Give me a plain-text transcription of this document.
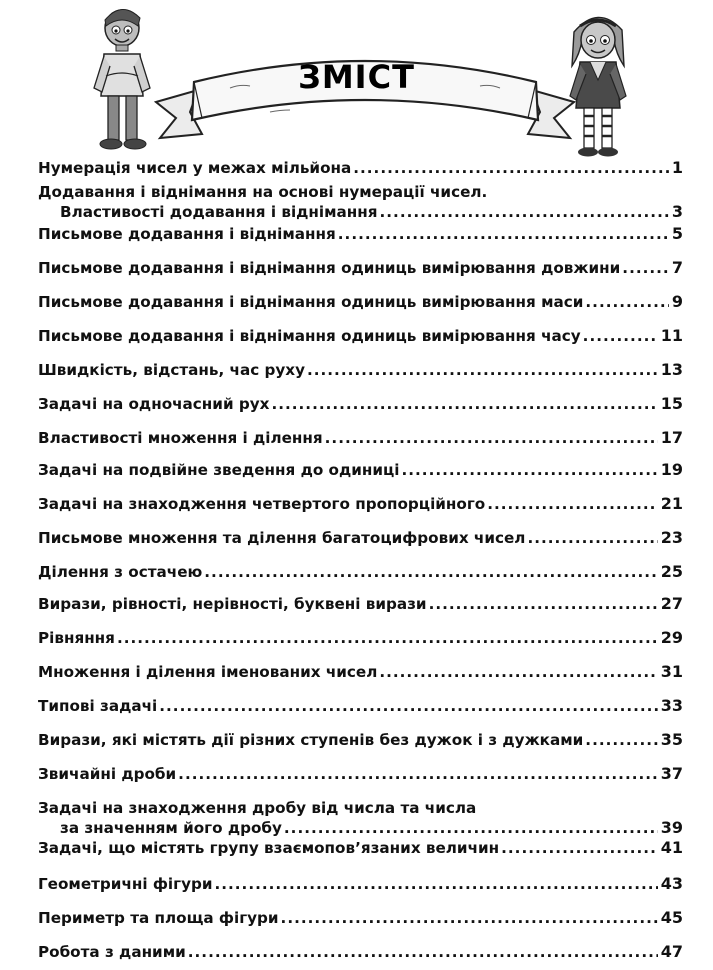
ЗМІСТ
Нумерація чисел у межах мільйона .....	1
Додавання і віднімання на основі нумерації чисел.
Властивості додавання і віднімання .....	3
Письмове додавання і віднімання .....	5
Письмове додавання і віднімання одиниць вимірювання довжини .....	7
Письмове додавання і віднімання одиниць вимірювання маси .....	9
Письмове додавання і віднімання одиниць вимірювання часу .....	11
Швидкість, відстань, час руху .....	13
Задачі на одночасний рух .....	15
Властивості множення і ділення .....	17
Задачі на подвійне зведення до одиниці .....	19
Задачі на знаходження четвертого пропорційного .....	21
Письмове множення та ділення багатоцифрових чисел .....	23
Ділення з остачею .....	25
Вирази, рівності, нерівності, буквені вирази .....	27
Рівняння .....	29
Множення і ділення іменованих чисел .....	31
Типові задачі .....	33
Вирази, які містять дії різних ступенів без дужок і з дужками .....	35
Звичайні дроби .....	37
Задачі на знаходження дробу від числа та числа
за значенням його дробу .....	39
Задачі, що містять групу взаємопов’язаних величин .....	41
Геометричні фігури .....	43
Периметр та площа фігури .....	45
Робота з даними .....	47
